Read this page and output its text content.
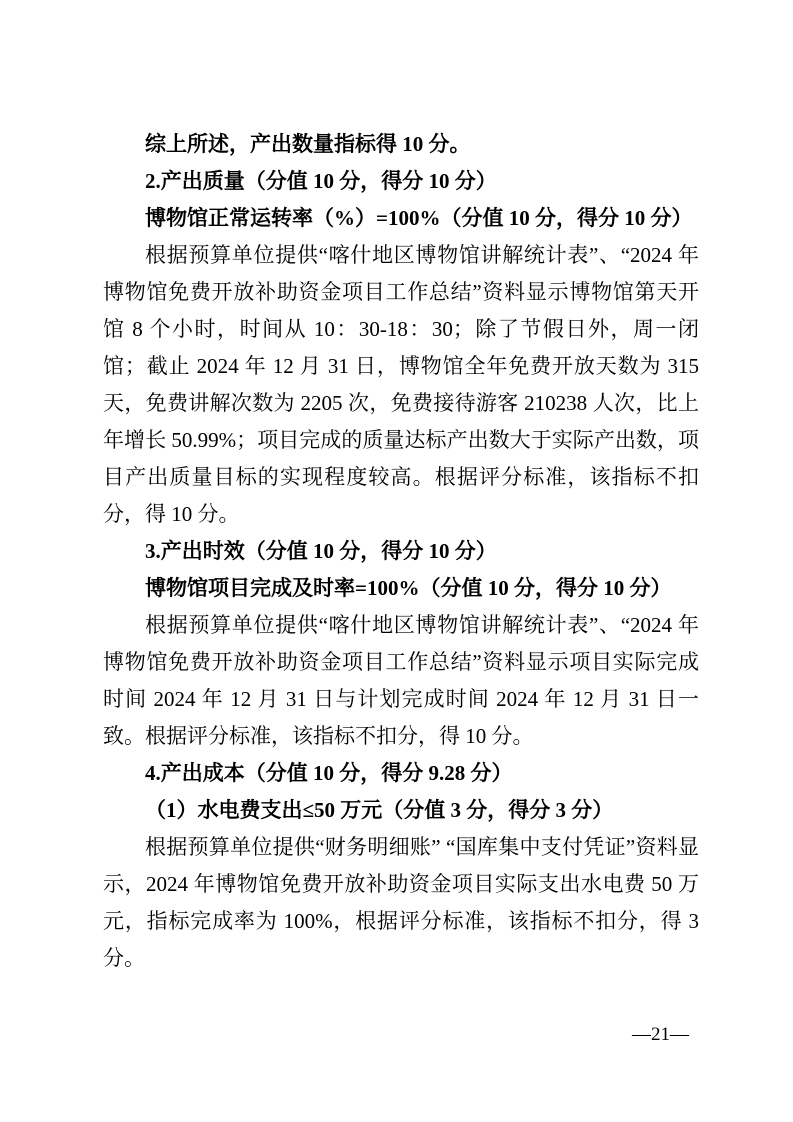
综上所述，产出数量指标得 10 分。

2.产出质量（分值 10 分，得分 10 分）

博物馆正常运转率（%）=100%（分值 10 分，得分 10 分）

根据预算单位提供“喀什地区博物馆讲解统计表”、“2024 年博物馆免费开放补助资金项目工作总结”资料显示博物馆第天开馆 8 个小时，时间从 10：30-18：30；除了节假日外，周一闭馆；截止 2024 年 12 月 31 日，博物馆全年免费开放天数为 315 天，免费讲解次数为 2205 次，免费接待游客 210238 人次，比上年增长 50.99%；项目完成的质量达标产出数大于实际产出数，项目产出质量目标的实现程度较高。根据评分标准，该指标不扣分，得 10 分。

3.产出时效（分值 10 分，得分 10 分）

博物馆项目完成及时率=100%（分值 10 分，得分 10 分）

根据预算单位提供“喀什地区博物馆讲解统计表”、“2024 年博物馆免费开放补助资金项目工作总结”资料显示项目实际完成时间 2024 年 12 月 31 日与计划完成时间 2024 年 12 月 31 日一致。根据评分标准，该指标不扣分，得 10 分。

4.产出成本（分值 10 分，得分 9.28 分）

（1）水电费支出≤50 万元（分值 3 分，得分 3 分）

根据预算单位提供“财务明细账” “国库集中支付凭证”资料显示，2024 年博物馆免费开放补助资金项目实际支出水电费 50 万元，指标完成率为 100%，根据评分标准，该指标不扣分，得 3 分。

—21—
